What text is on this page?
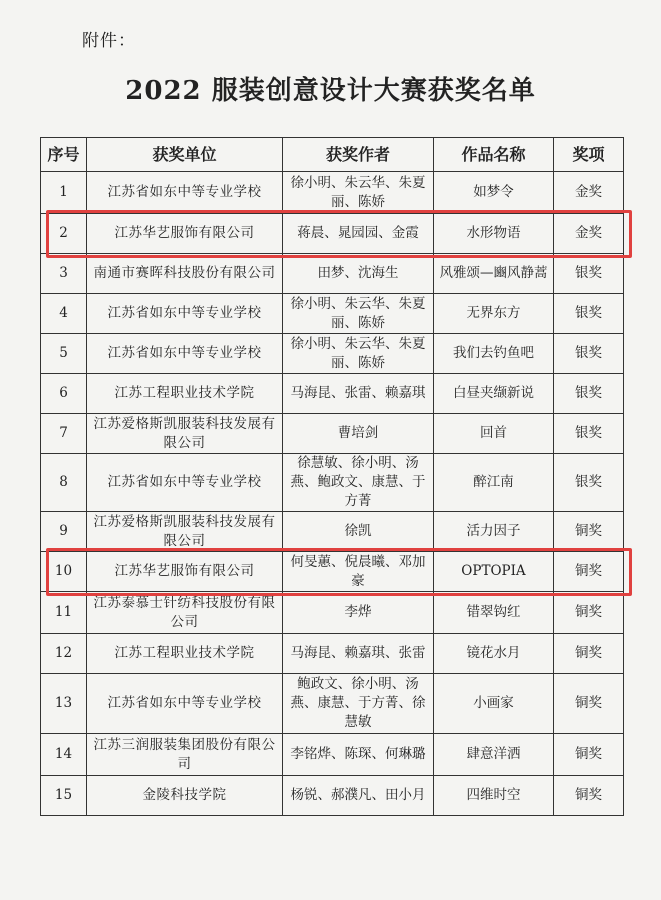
附件：
2022 服装创意设计大赛获奖名单
序号	获奖单位	获奖作者	作品名称	奖项
1	江苏省如东中等专业学校	徐小明、朱云华、朱夏丽、陈娇	如梦令	金奖
2	江苏华艺服饰有限公司	蒋晨、晁园园、金霞	水形物语	金奖
3	南通市赛晖科技股份有限公司	田梦、沈海生	风雅颂—豳风静蒿	银奖
4	江苏省如东中等专业学校	徐小明、朱云华、朱夏丽、陈娇	无界东方	银奖
5	江苏省如东中等专业学校	徐小明、朱云华、朱夏丽、陈娇	我们去钓鱼吧	银奖
6	江苏工程职业技术学院	马海昆、张雷、赖嘉琪	白昼夹缬新说	银奖
7	江苏爱格斯凯服装科技发展有限公司	曹培剑	回首	银奖
8	江苏省如东中等专业学校	徐慧敏、徐小明、汤燕、鲍政文、康慧、于方菁	醉江南	银奖
9	江苏爱格斯凯服装科技发展有限公司	徐凯	活力因子	铜奖
10	江苏华艺服饰有限公司	何旻蕙、倪晨曦、邓加豪	OPTOPIA	铜奖
11	江苏泰慕士针纺科技股份有限公司	李烨	错翠钩红	铜奖
12	江苏工程职业技术学院	马海昆、赖嘉琪、张雷	镜花水月	铜奖
13	江苏省如东中等专业学校	鲍政文、徐小明、汤燕、康慧、于方菁、徐慧敏	小画家	铜奖
14	江苏三润服装集团股份有限公司	李铭烨、陈琛、何琳璐	肆意洋洒	铜奖
15	金陵科技学院	杨锐、郝濮凡、田小月	四维时空	铜奖
